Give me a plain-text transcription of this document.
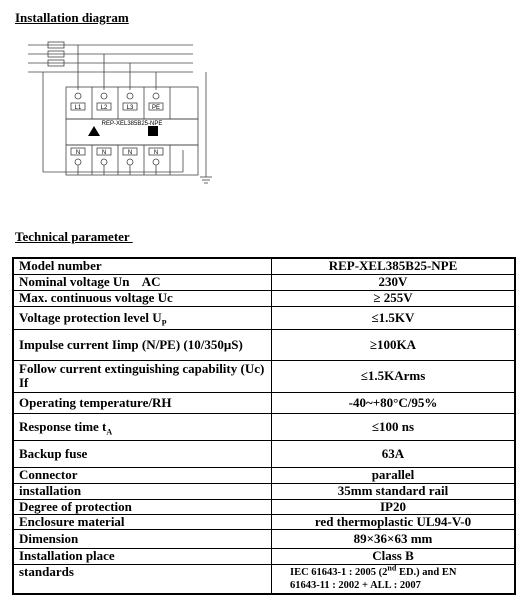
Installation diagram
REP-XEL385B25-NPE
L1	L2	L3	PE
N	N	N	N
Technical parameter
Model number	REP-XEL385B25-NPE
Nominal voltage Un    AC	230V
Max. continuous voltage Uc	≥ 255V
Voltage protection level $U_P$	≤1.5KV
Impulse current Iimp (N/PE) (10/350μS)	≥100KA
Follow current extinguishing capability (Uc) If	≤1.5KArms
Operating temperature/RH	-40~+80°C/95%
Response time $t_A$	≤100 ns
Backup fuse	63A
Connector	parallel
installation	35mm standard rail
Degree of protection	IP20
Enclosure material	red thermoplastic UL94-V-0
Dimension	89×36×63 mm
Installation place	Class B
standards	IEC 61643-1 : 2005 (2nd ED.) and EN
61643-11 : 2002 + ALL : 2007
